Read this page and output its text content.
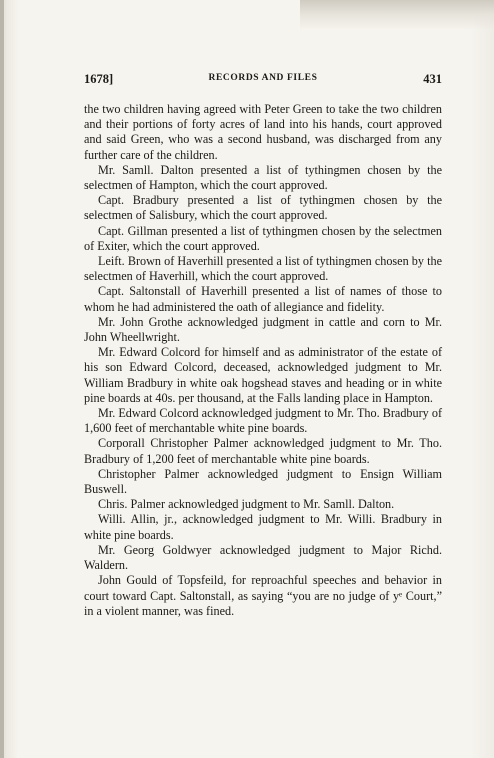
1678]	RECORDS AND FILES	431

the two children having agreed with Peter Green to take the two children and their portions of forty acres of land into his hands, court approved and said Green, who was a second husband, was discharged from any further care of the children.

Mr. Samll. Dalton presented a list of tythingmen chosen by the selectmen of Hampton, which the court approved.

Capt. Bradbury presented a list of tythingmen chosen by the selectmen of Salisbury, which the court approved.

Capt. Gillman presented a list of tythingmen chosen by the selectmen of Exiter, which the court approved.

Leift. Brown of Haverhill presented a list of tythingmen chosen by the selectmen of Haverhill, which the court approved.

Capt. Saltonstall of Haverhill presented a list of names of those to whom he had administered the oath of allegiance and fidelity.

Mr. John Grothe acknowledged judgment in cattle and corn to Mr. John Wheellwright.

Mr. Edward Colcord for himself and as administrator of the estate of his son Edward Colcord, deceased, acknowledged judgment to Mr. William Bradbury in white oak hogshead staves and heading or in white pine boards at 40s. per thousand, at the Falls landing place in Hampton.

Mr. Edward Colcord acknowledged judgment to Mr. Tho. Bradbury of 1,600 feet of merchantable white pine boards.

Corporall Christopher Palmer acknowledged judgment to Mr. Tho. Bradbury of 1,200 feet of merchantable white pine boards.

Christopher Palmer acknowledged judgment to Ensign William Buswell.

Chris. Palmer acknowledged judgment to Mr. Samll. Dalton.

Willi. Allin, jr., acknowledged judgment to Mr. Willi. Bradbury in white pine boards.

Mr. Georg Goldwyer acknowledged judgment to Major Richd. Waldern.

John Gould of Topsfeild, for reproachful speeches and behavior in court toward Capt. Saltonstall, as saying “you are no judge of yᵉ Court,” in a violent manner, was fined.
